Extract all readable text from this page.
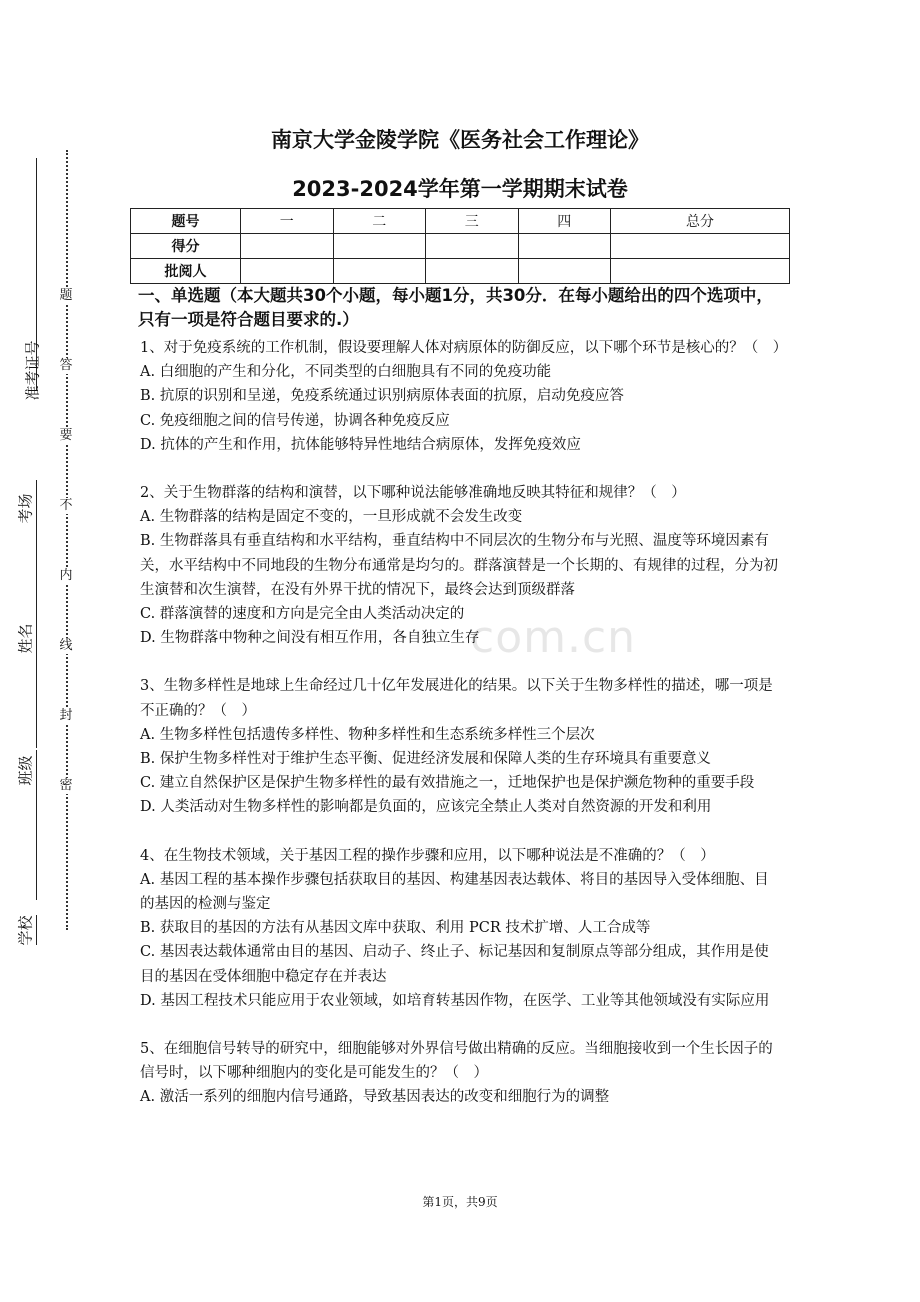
准考证号
考场
姓名
班级
学校
题
答
要
不
内
线
封
密
南京大学金陵学院《医务社会工作理论》
2023-2024学年第一学期期末试卷
题号	一	二	三	四	总分
得分					
批阅人					
com.cn
一、单选题（本大题共30个小题，每小题1分，共30分．在每小题给出的四个选项中，只有一项是符合题目要求的.）

1、对于免疫系统的工作机制，假设要理解人体对病原体的防御反应，以下哪个环节是核心的？（　）

A. 白细胞的产生和分化，不同类型的白细胞具有不同的免疫功能

B. 抗原的识别和呈递，免疫系统通过识别病原体表面的抗原，启动免疫应答

C. 免疫细胞之间的信号传递，协调各种免疫反应

D. 抗体的产生和作用，抗体能够特异性地结合病原体，发挥免疫效应

2、关于生物群落的结构和演替，以下哪种说法能够准确地反映其特征和规律？（　）

A. 生物群落的结构是固定不变的，一旦形成就不会发生改变

B. 生物群落具有垂直结构和水平结构，垂直结构中不同层次的生物分布与光照、温度等环境因素有关，水平结构中不同地段的生物分布通常是均匀的。群落演替是一个长期的、有规律的过程，分为初生演替和次生演替，在没有外界干扰的情况下，最终会达到顶级群落

C. 群落演替的速度和方向是完全由人类活动决定的

D. 生物群落中物种之间没有相互作用，各自独立生存

3、生物多样性是地球上生命经过几十亿年发展进化的结果。以下关于生物多样性的描述，哪一项是不正确的？（　）

A. 生物多样性包括遗传多样性、物种多样性和生态系统多样性三个层次

B. 保护生物多样性对于维护生态平衡、促进经济发展和保障人类的生存环境具有重要意义

C. 建立自然保护区是保护生物多样性的最有效措施之一，迁地保护也是保护濒危物种的重要手段

D. 人类活动对生物多样性的影响都是负面的，应该完全禁止人类对自然资源的开发和利用

4、在生物技术领域，关于基因工程的操作步骤和应用，以下哪种说法是不准确的？（　）

A. 基因工程的基本操作步骤包括获取目的基因、构建基因表达载体、将目的基因导入受体细胞、目的基因的检测与鉴定

B. 获取目的基因的方法有从基因文库中获取、利用 PCR 技术扩增、人工合成等

C. 基因表达载体通常由目的基因、启动子、终止子、标记基因和复制原点等部分组成，其作用是使目的基因在受体细胞中稳定存在并表达

D. 基因工程技术只能应用于农业领域，如培育转基因作物，在医学、工业等其他领域没有实际应用

5、在细胞信号转导的研究中，细胞能够对外界信号做出精确的反应。当细胞接收到一个生长因子的信号时，以下哪种细胞内的变化是可能发生的？（　）

A. 激活一系列的细胞内信号通路，导致基因表达的改变和细胞行为的调整

第1页，共9页
